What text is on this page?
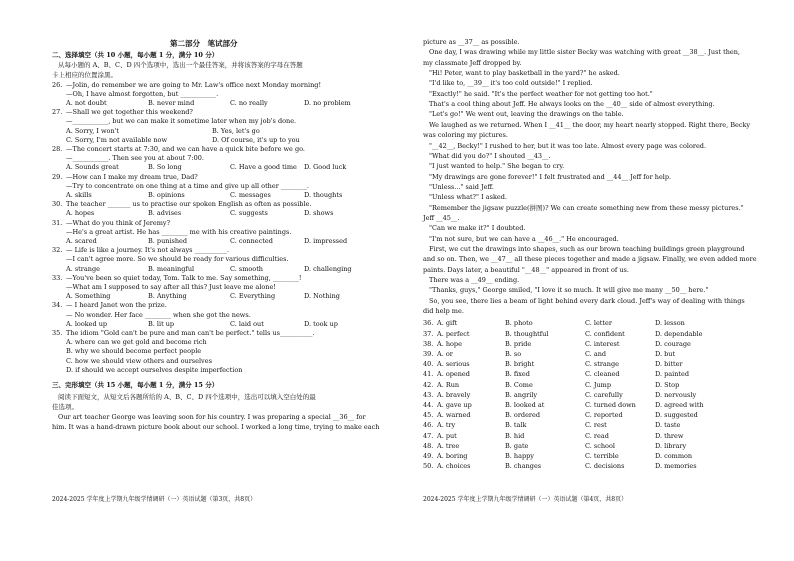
二、选择填空（共 10 小题，每小题 1 分，满分 10 分）
从每小题的 A、B、C、D 四个选项中，选出一个最佳答案，并将该答案的字母在答题
卡上相应的位置涂黑。
26. —Jolin, do remember we are going to Mr. Law's office next Monday morning!
—Oh, I have almost forgotten, but ___________.
A. not doubt	B. never mind	C. no really	D. no problem
27. —Shall we get together this weekend?
—___________, but we can make it sometime later when my job's done.
A. Sorry, I won't	B. Yes, let's go
C. Sorry, I'm not available now	D. Of course, it's up to you
28. —The concert starts at 7:30, and we can have a quick bite before we go.
—___________. Then see you at about 7:00.
A. Sounds great	B. So long	C. Have a good time D. Good luck
29. —How can I make my dream true, Dad?
—Try to concentrate on one thing at a time and give up all other ________.
A. skills	B. opinions	C. messages	D. thoughts
30. The teacher _______ us to practise our spoken English as often as possible.
A. hopes	B. advises	C. suggests	D. shows
31. —What do you think of Jeremy?
—He's a great artist. He has ________ me with his creative paintings.
A. scared	B. punished	C. connected	D. impressed
32. — Life is like a journey. It's not always __________.
—I can't agree more. So we should be ready for various difficulties.
A. strange	B. meaningful	C. smooth	D. challenging
33. —You've been so quiet today, Tom. Talk to me. Say something, ________!
—What am I supposed to say after all this? Just leave me alone!
A. Something	B. Anything	C. Everything	D. Nothing
34. — I heard Janet won the prize.
— No wonder. Her face ________ when she got the news.
A. looked up	B. lit up	C. laid out	D. took up
35. The idiom "Gold can't be pure and man can't be perfect." tells us__________.
A. where can we get gold and become rich
B. why we should become perfect people
C. how we should view others and ourselves
D. if should we accept ourselves despite imperfection
三、完形填空（共 15 小题，每小题 1 分，满分 15 分）
阅读下面短文，从短文后各题所给的 A、B、C、D 四个选项中，选出可以填入空白处的最
佳选项。
Our art teacher George was leaving soon for his country. I was preparing a special __36__ for
him. It was a hand-drawn picture book about our school. I worked a long time, trying to make each
2024-2025 学年度上学期九年级学情调研（一）英语试题（第3页，共8页）
第二部分　笔试部分	picture as __37__ as possible.
One day, I was drawing while my little sister Becky was watching with great __38__. Just then,
my classmate Jeff dropped by.
"Hi! Peter, want to play basketball in the yard?" he asked.
"I'd like to, __39__ it's too cold outside!" I replied.
"Exactly!" he said. "It's the perfect weather for not getting too hot."
That's a cool thing about Jeff. He always looks on the __40__ side of almost everything.
"Let's go!" We went out, leaving the drawings on the table.
We laughed as we returned. When I __41__ the door, my heart nearly stopped. Right there, Becky
was coloring my pictures.
"__42__, Becky!" I rushed to her, but it was too late. Almost every page was colored.
"What did you do?" I shouted __43__.
"I just wanted to help." She began to cry.
"My drawings are gone forever!" I felt frustrated and __44__ Jeff for help.
"Unless..." said Jeff.
"Unless what?" I asked.
"Remember the jigsaw puzzle(拼图)? We can create something new from these messy pictures."
Jeff __45__.
"Can we make it?" I doubted.
"I'm not sure, but we can have a __46__." He encouraged.
First, we cut the drawings into shapes, such as our brown teaching buildings green playground
and so on. Then, we __47__ all these pieces together and made a jigsaw. Finally, we even added more
paints. Days later, a beautiful "__48__" appeared in front of us.
There was a __49__ ending.
"Thanks, guys," George smiled, "I love it so much. It will give me many __50__ here."
So, you see, there lies a beam of light behind every dark cloud. Jeff's way of dealing with things
did help me.
36. A. gift	B. photo	C. letter	D. lesson
37. A. perfect	B. thoughtful	C. confident	D. dependable
38. A. hope	B. pride	C. interest	D. courage
39. A. or	B. so	C. and	D. but
40. A. serious	B. bright	C. strange	D. bitter
41. A. opened	B. fixed	C. cleaned	D. painted
42. A. Run	B. Come	C. Jump	D. Stop
43. A. bravely	B. angrily	C. carefully	D. nervously
44. A. gave up	B. looked at	C. turned down	D. agreed with
45. A. warned	B. ordered	C. reported	D. suggested
46. A. try	B. talk	C. rest	D. taste
47. A. put	B. hid	C. read	D. threw
48. A. tree	B. gate	C. school	D. library
49. A. boring	B. happy	C. terrible	D. common
50. A. choices	B. changes	C. decisions	D. memories
2024-2025 学年度上学期九年级学情调研（一）英语试题（第4页，共8页）
